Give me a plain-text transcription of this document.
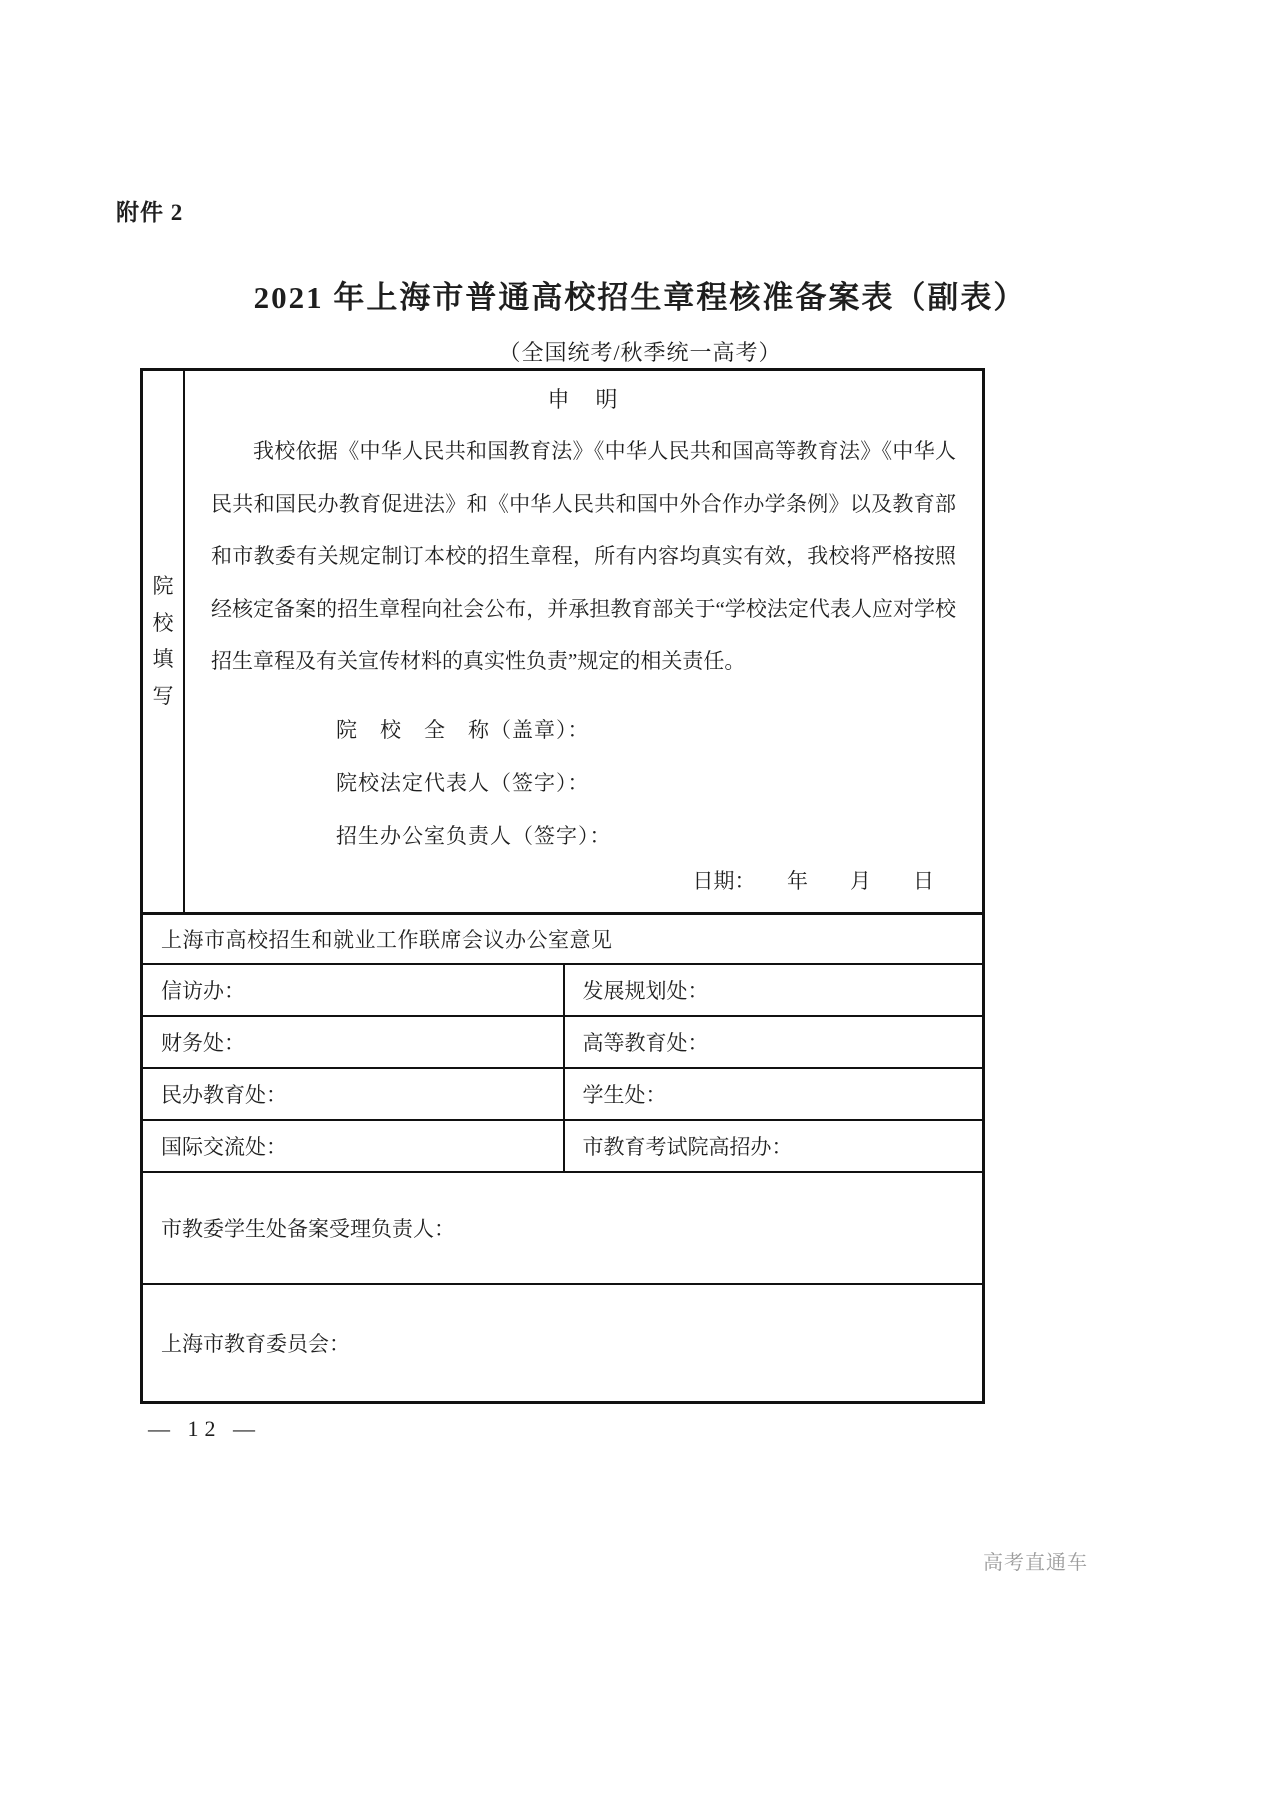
附件 2
2021 年上海市普通高校招生章程核准备案表（副表）
（全国统考/秋季统一高考）
院校填写
申　明

我校依据《中华人民共和国教育法》《中华人民共和国高等教育法》《中华人民共和国民办教育促进法》和《中华人民共和国中外合作办学条例》以及教育部和市教委有关规定制订本校的招生章程，所有内容均真实有效，我校将严格按照经核定备案的招生章程向社会公布，并承担教育部关于“学校法定代表人应对学校招生章程及有关宣传材料的真实性负责”规定的相关责任。

院　校　全　称（盖章）：
院校法定代表人（签字）：
招生办公室负责人（签字）：
日期：　　年　　月　　日
上海市高校招生和就业工作联席会议办公室意见
信访办：	发展规划处：
财务处：	高等教育处：
民办教育处：	学生处：
国际交流处：	市教育考试院高招办：
市教委学生处备案受理负责人：
上海市教育委员会：
— 12 —
高考直通车
